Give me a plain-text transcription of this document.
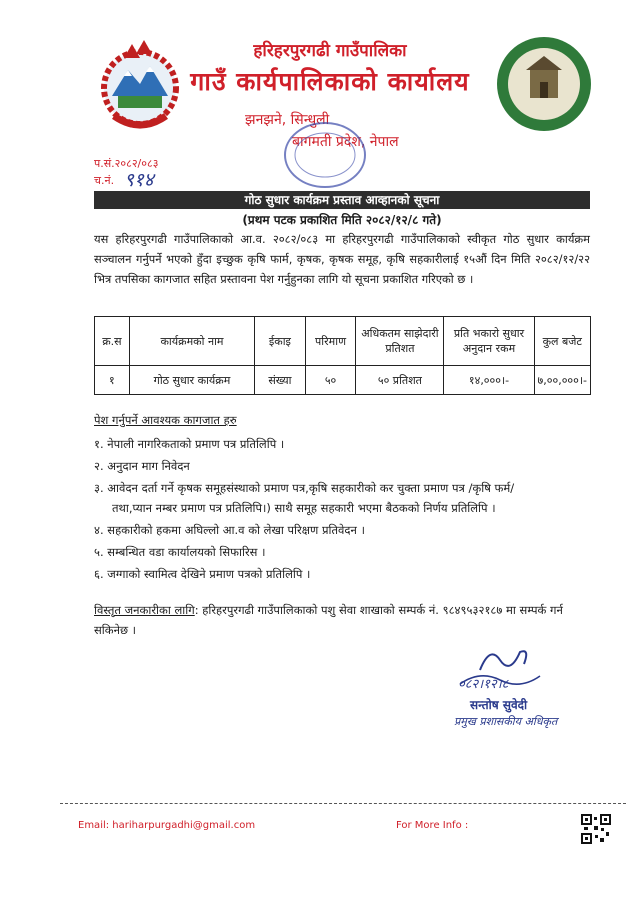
हरिहरपुरगढी गाउँपालिका
गाउँ कार्यपालिकाको कार्यालय
झनझने, सिन्धुली
बागमती प्रदेश, नेपाल
प.सं.२०८२/०८३
च.नं. ९१४
गोठ सुधार कार्यक्रम प्रस्ताव आव्हानको सूचना
(प्रथम पटक प्रकाशित मिति २०८२/१२/८ गते)
यस हरिहरपुरगढी गाउँपालिकाको आ.व. २०८२/०८३ मा हरिहरपुरगढी गाउँपालिकाको स्वीकृत गोठ सुधार कार्यक्रम सञ्चालन गर्नुपर्ने भएको हुँदा इच्छुक कृषि फार्म, कृषक, कृषक समूह, कृषि सहकारीलाई १५औं दिन मिति २०८२/१२/२२ भित्र तपसिका कागजात सहित प्रस्तावना पेश गर्नुहुनका लागि यो सूचना प्रकाशित गरिएको छ ।
क्र.स	कार्यक्रमको नाम	ईकाइ	परिमाण	अधिकतम साझेदारी प्रतिशत	प्रति भकारो सुधार अनुदान रकम	कुल बजेट
१	गोठ सुधार कार्यक्रम	संख्या	५०	५० प्रतिशत	१४,०००।-	७,००,०००।-
पेश गर्नुपर्ने आवश्यक कागजात हरु
१. नेपाली नागरिकताको प्रमाण पत्र प्रतिलिपि ।
२. अनुदान माग निवेदन
३. आवेदन दर्ता गर्ने कृषक समूहसंस्थाको प्रमाण पत्र,कृषि सहकारीको कर चुक्ता प्रमाण पत्र /कृषि फर्म/
तथा,प्यान नम्बर प्रमाण पत्र प्रतिलिपि।) साथै समूह सहकारी भएमा बैठकको निर्णय प्रतिलिपि ।
४. सहकारीको हकमा अघिल्लो आ.व को लेखा परिक्षण प्रतिवेदन ।
५. सम्बन्धित वडा कार्यालयको सिफारिस ।
६. जग्गाको स्वामित्व देखिने प्रमाण पत्रको प्रतिलिपि ।
विस्तृत जनकारीका लागि: हरिहरपुरगढी गाउँपालिकाको पशु सेवा शाखाको सम्पर्क नं. ९८४९५३२१८७ मा सम्पर्क गर्न सकिनेछ ।
०८२।१२।८
सन्तोष सुवेदी
प्रमुख प्रशासकीय अधिकृत
Email: hariharpurgadhi@gmail.com	For More Info :
